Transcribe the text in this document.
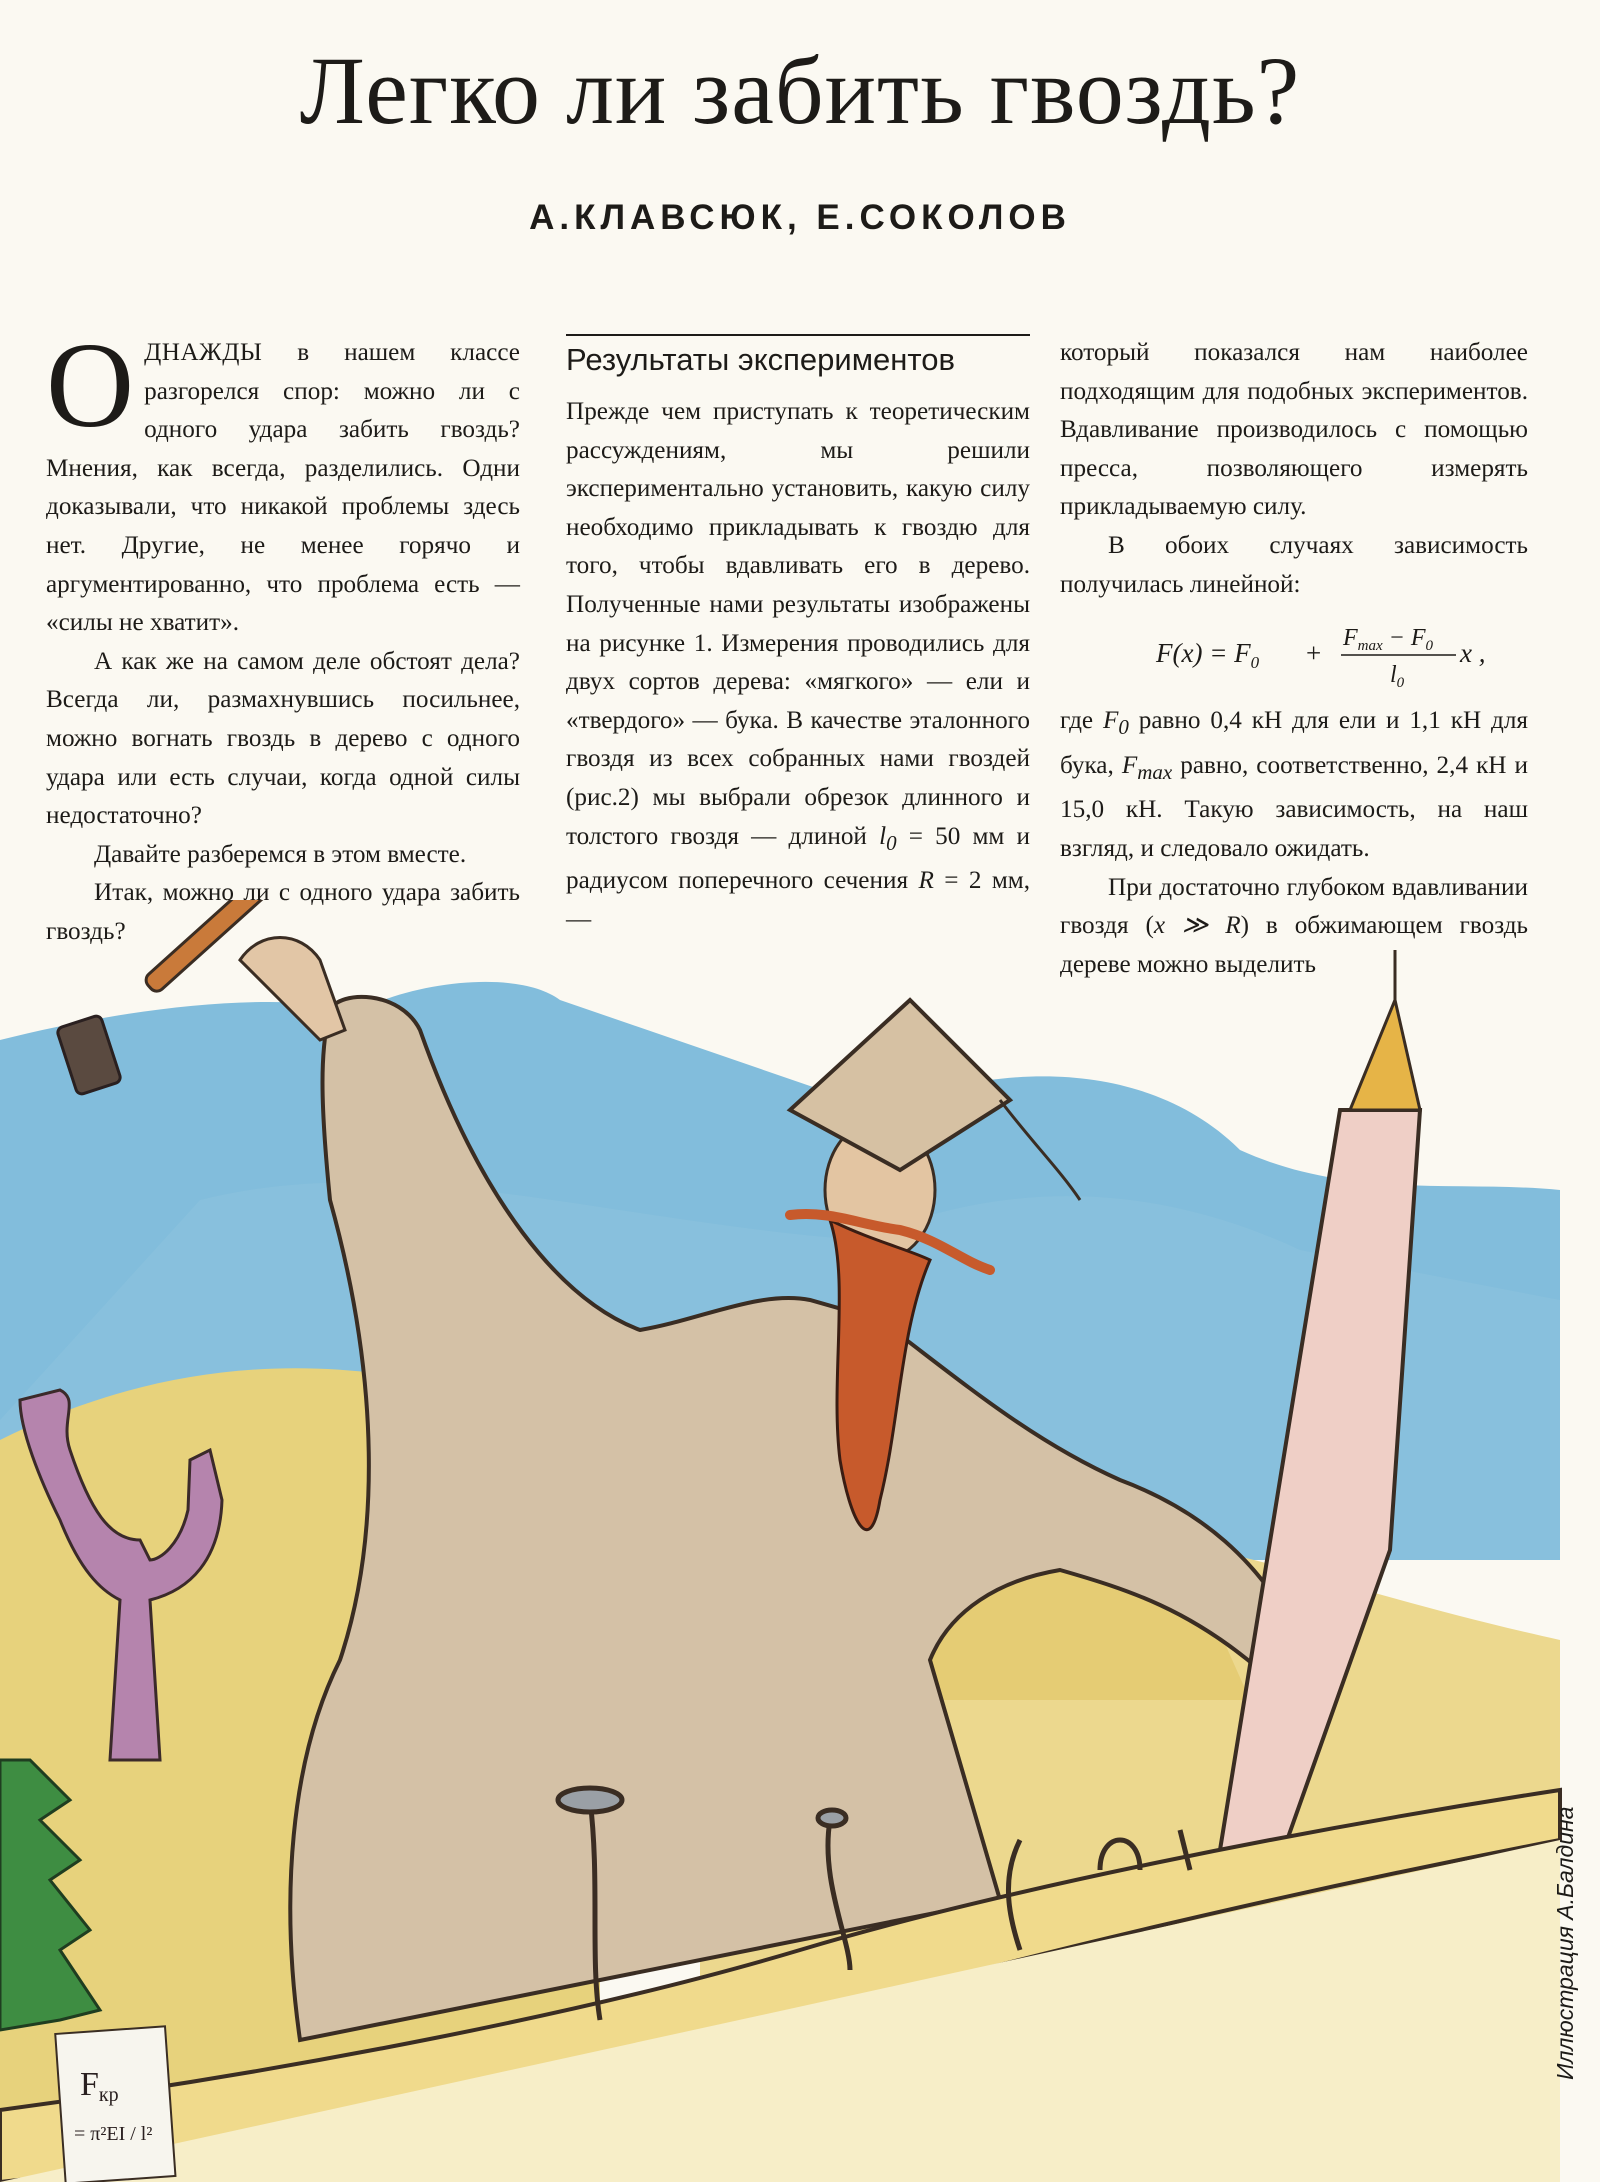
Легко ли забить гвоздь?
А.КЛАВСЮК, Е.СОКОЛОВ

ОДНАЖДЫ в нашем классе разгорелся спор: можно ли с одного удара забить гвоздь? Мнения, как всегда, разделились. Одни доказывали, что никакой проблемы здесь нет. Другие, не менее горячо и аргументированно, что проблема есть — «силы не хватит».

А как же на самом деле обстоят дела? Всегда ли, размахнувшись посильнее, можно вогнать гвоздь в дерево с одного удара или есть случаи, когда одной силы недостаточно?

Давайте разберемся в этом вместе.

Итак, можно ли с одного удара забить гвоздь?

Результаты экспериментов

Прежде чем приступать к теоретическим рассуждениям, мы решили экспериментально установить, какую силу необходимо прикладывать к гвоздю для того, чтобы вдавливать его в дерево. Полученные нами результаты изображены на рисунке 1. Измерения проводились для двух сортов дерева: «мягкого» — ели и «твердого» — бука. В качестве эталонного гвоздя из всех собранных нами гвоздей (рис.2) мы выбрали обрезок длинного и толстого гвоздя — длиной $l_0 = 50$ мм и радиусом поперечного сечения R = 2 мм, —

который показался нам наиболее подходящим для подобных экспериментов. Вдавливание производилось с помощью пресса, позволяющего измерять прикладываемую силу.

В обоих случаях зависимость получилась линейной:

$F(x) = F_0 + F_{max} - F_0$
$l_0$
x ,

где $F_0$ равно 0,4 кН для ели и 1,1 кН для бука, $F_{max}$ равно, соответственно, 2,4 кН и 15,0 кН. Такую зависимость, на наш взгляд, и следовало ожидать.

При достаточно глубоком вдавливании гвоздя (x ≫ R) в обжимающем гвоздь дереве можно выделить

Fкр
= π²EI / l²
Иллюстрация А.Балдина
